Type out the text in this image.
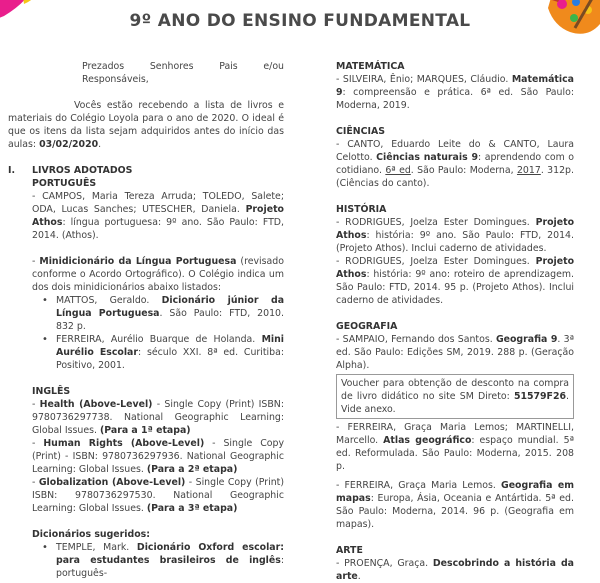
9º ANO DO ENSINO FUNDAMENTAL

Prezados Senhores Pais e/ou Responsáveis,

Vocês estão recebendo a lista de livros e materiais do Colégio Loyola para o ano de 2020. O ideal é que os itens da lista sejam adquiridos antes do início das aulas: 03/02/2020.

I.	LIVROS ADOTADOS
PORTUGUÊS

- CAMPOS, Maria Tereza Arruda; TOLEDO, Salete; ODA, Lucas Sanches; UTESCHER, Daniela. Projeto Athos: língua portuguesa: 9º ano. São Paulo: FTD, 2014. (Athos).

- Minidicionário da Língua Portuguesa (revisado conforme o Acordo Ortográfico). O Colégio indica um dos dois minidicionários abaixo listados:

• MATTOS, Geraldo. Dicionário júnior da Língua Portuguesa. São Paulo: FTD, 2010. 832 p.

• FERREIRA, Aurélio Buarque de Holanda. Mini Aurélio Escolar: século XXI. 8ª ed. Curitiba: Positivo, 2001.

INGLÊS

- Health (Above-Level) - Single Copy (Print) ISBN: 9780736297738. National Geographic Learning: Global Issues. (Para a 1ª etapa)

- Human Rights (Above-Level) - Single Copy (Print) - ISBN: 9780736297936. National Geographic Learning: Global Issues. (Para a 2ª etapa)

- Globalization (Above-Level) - Single Copy (Print) ISBN: 9780736297530. National Geographic Learning: Global Issues. (Para a 3ª etapa)

Dicionários sugeridos:
• TEMPLE, Mark. Dicionário Oxford escolar: para estudantes brasileiros de inglês: português-

MATEMÁTICA

- SILVEIRA, Ênio; MARQUES, Cláudio. Matemática 9: compreensão e prática. 6ª ed. São Paulo: Moderna, 2019.

CIÊNCIAS

- CANTO, Eduardo Leite do & CANTO, Laura Celotto. Ciências naturais 9: aprendendo com o cotidiano. 6ª ed. São Paulo: Moderna, 2017. 312p. (Ciências do canto).

HISTÓRIA

- RODRIGUES, Joelza Ester Domingues. Projeto Athos: história: 9º ano. São Paulo: FTD, 2014. (Projeto Athos). Inclui caderno de atividades.

- RODRIGUES, Joelza Ester Domingues. Projeto Athos: história: 9º ano: roteiro de aprendizagem. São Paulo: FTD, 2014. 95 p. (Projeto Athos). Inclui caderno de atividades.

GEOGRAFIA

- SAMPAIO, Fernando dos Santos. Geografia 9. 3ª ed. São Paulo: Edições SM, 2019. 288 p. (Geração Alpha).

Voucher para obtenção de desconto na compra de livro didático no site SM Direto: 51579F26. Vide anexo.

- FERREIRA, Graça Maria Lemos; MARTINELLI, Marcello. Atlas geográfico: espaço mundial. 5ª ed. Reformulada. São Paulo: Moderna, 2015. 208 p.

- FERREIRA, Graça Maria Lemos. Geografia em mapas: Europa, Ásia, Oceania e Antártida. 5ª ed. São Paulo: Moderna, 2014. 96 p. (Geografia em mapas).

ARTE

- PROENÇA, Graça. Descobrindo a história da arte.
